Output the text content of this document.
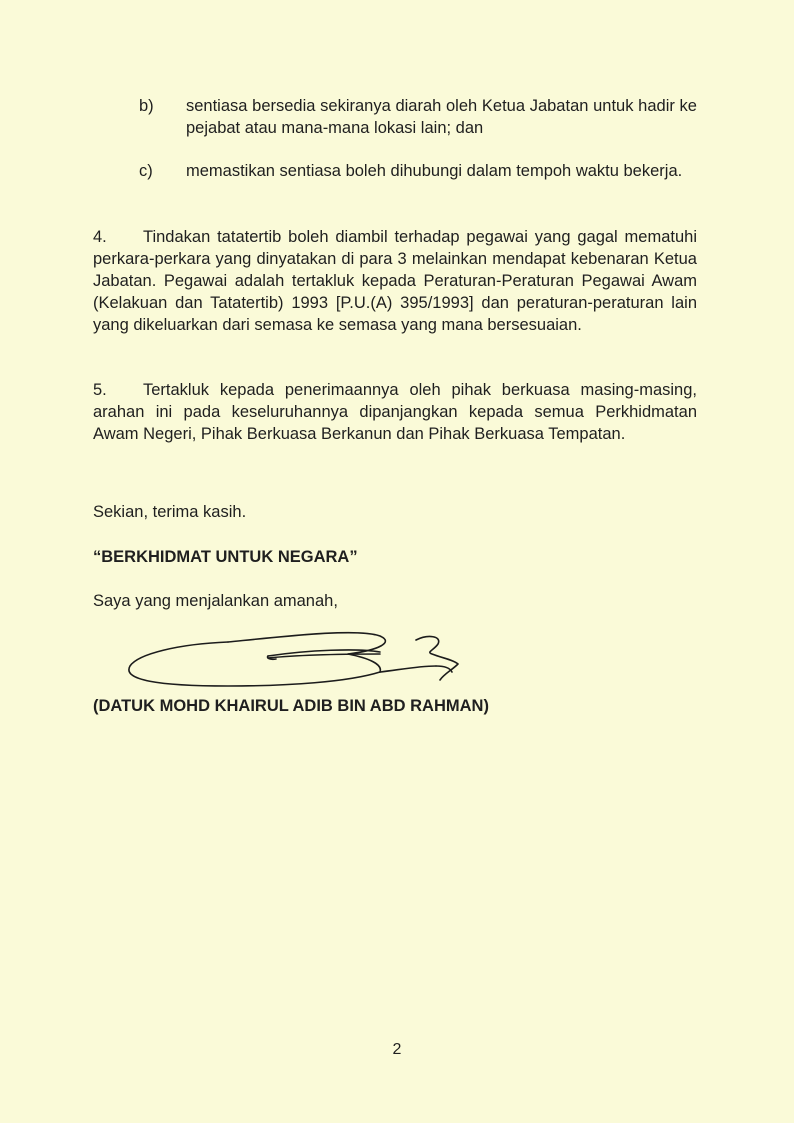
b) sentiasa bersedia sekiranya diarah oleh Ketua Jabatan untuk hadir ke pejabat atau mana-mana lokasi lain; dan
c) memastikan sentiasa boleh dihubungi dalam tempoh waktu bekerja.
4. Tindakan tatatertib boleh diambil terhadap pegawai yang gagal mematuhi perkara-perkara yang dinyatakan di para 3 melainkan mendapat kebenaran Ketua Jabatan. Pegawai adalah tertakluk kepada Peraturan-Peraturan Pegawai Awam (Kelakuan dan Tatatertib) 1993 [P.U.(A) 395/1993] dan peraturan-peraturan lain yang dikeluarkan dari semasa ke semasa yang mana bersesuaian.
5. Tertakluk kepada penerimaannya oleh pihak berkuasa masing-masing, arahan ini pada keseluruhannya dipanjangkan kepada semua Perkhidmatan Awam Negeri, Pihak Berkuasa Berkanun dan Pihak Berkuasa Tempatan.
Sekian, terima kasih.
“BERKHIDMAT UNTUK NEGARA”
Saya yang menjalankan amanah,
(DATUK MOHD KHAIRUL ADIB BIN ABD RAHMAN)
2
